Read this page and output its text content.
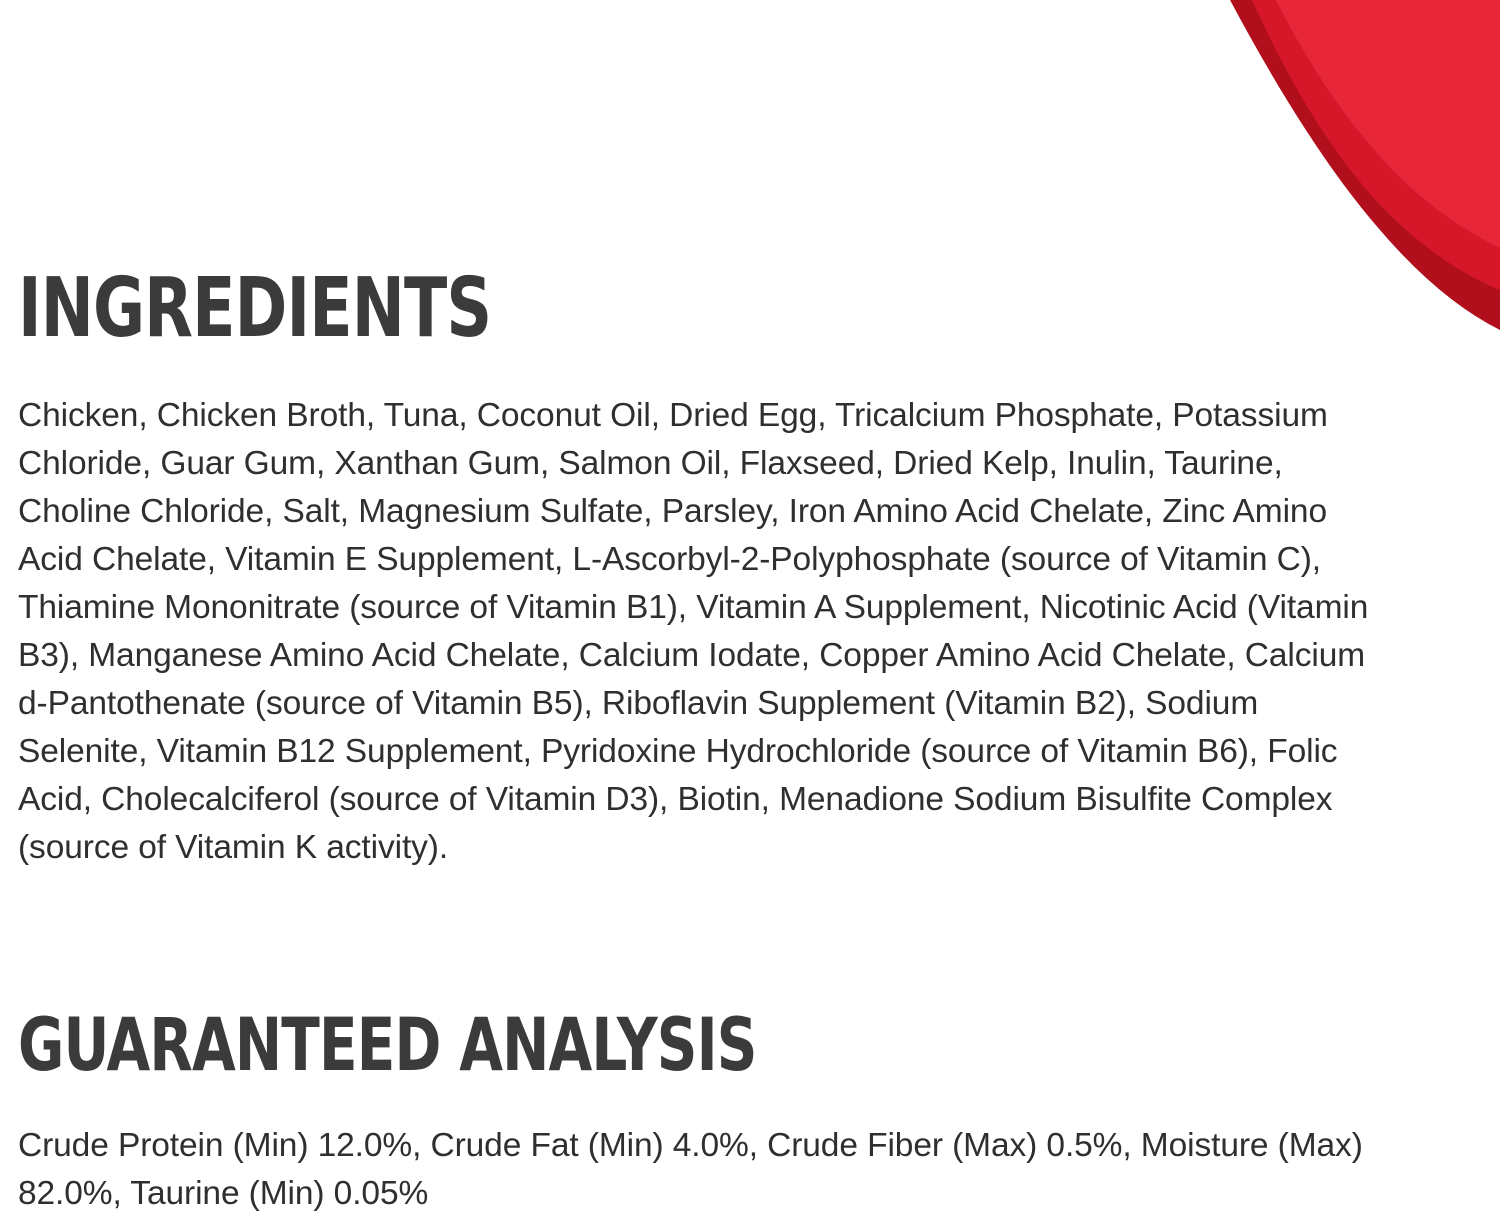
INGREDIENTS

Chicken, Chicken Broth, Tuna, Coconut Oil, Dried Egg, Tricalcium Phosphate, Potassium Chloride, Guar Gum, Xanthan Gum, Salmon Oil, Flaxseed, Dried Kelp, Inulin, Taurine, Choline Chloride, Salt, Magnesium Sulfate, Parsley, Iron Amino Acid Chelate, Zinc Amino Acid Chelate, Vitamin E Supplement, L-Ascorbyl-2-Polyphosphate (source of Vitamin C), Thiamine Mononitrate (source of Vitamin B1), Vitamin A Supplement, Nicotinic Acid (Vitamin B3), Manganese Amino Acid Chelate, Calcium Iodate, Copper Amino Acid Chelate, Calcium d-Pantothenate (source of Vitamin B5), Riboflavin Supplement (Vitamin B2), Sodium Selenite, Vitamin B12 Supplement, Pyridoxine Hydrochloride (source of Vitamin B6), Folic Acid, Cholecalciferol (source of Vitamin D3), Biotin, Menadione Sodium Bisulfite Complex (source of Vitamin K activity).

GUARANTEED ANALYSIS

Crude Protein (Min) 12.0%, Crude Fat (Min) 4.0%, Crude Fiber (Max) 0.5%, Moisture (Max) 82.0%, Taurine (Min) 0.05%
